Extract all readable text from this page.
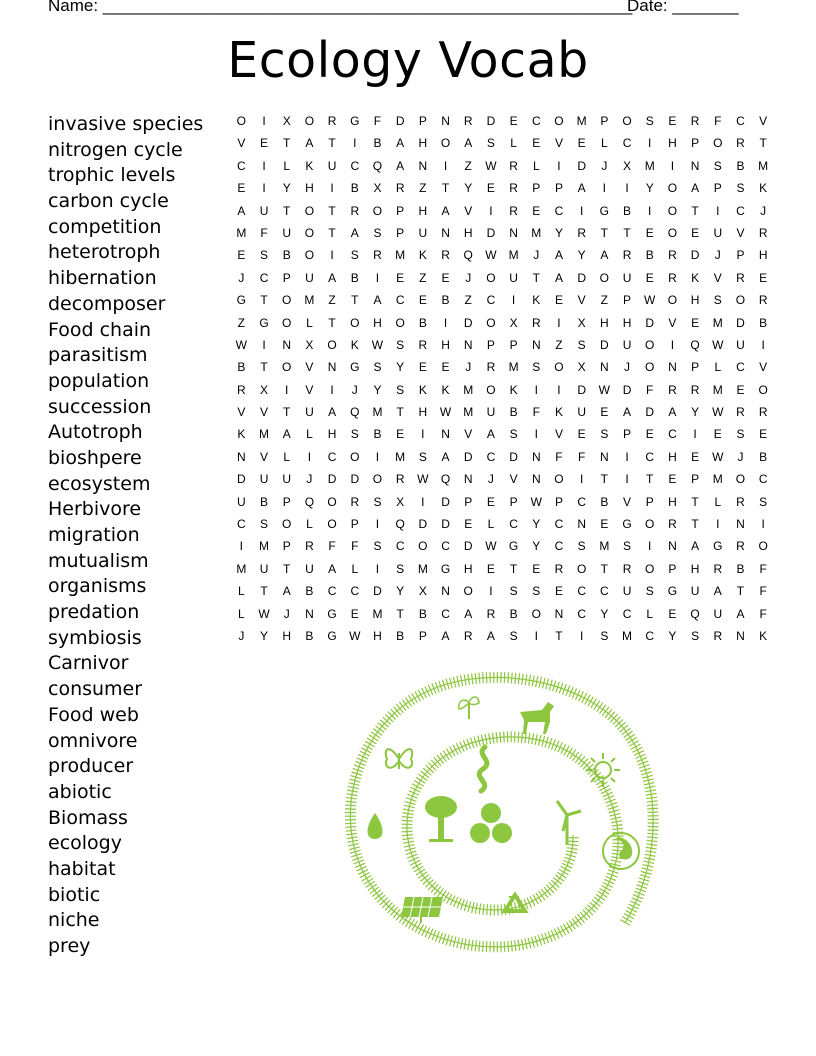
Name: ________________________________________________________
Date: _______
Ecology Vocab
invasive species
nitrogen cycle
trophic levels
carbon cycle
competition
heterotroph
hibernation
decomposer
Food chain
parasitism
population
succession
Autotroph
bioshpere
ecosystem
Herbivore
migration
mutualism
organisms
predation
symbiosis
Carnivor
consumer
Food web
omnivore
producer
abiotic
Biomass
ecology
habitat
biotic
niche
prey
O I X O R G F D P N R D E C O M P O S E R F C V
V E T A T I B A H O A S L E V E L C I H P O R T
C I L K U C Q A N I Z W R L I D J X M I N S B M
E I Y H I B X R Z T Y E R P P A I I Y O A P S K
A U T O T R O P H A V I R E C I G B I O T I C J
M F U O T A S P U N H D N M Y R T T E O E U V R
E S B O I S R M K R Q W M J A Y A R B R D J P H
J C P U A B I E Z E J O U T A D O U E R K V R E
G T O M Z T A C E B Z C I K E V Z P W O H S O R
Z G O L T O H O B I D O X R I X H H D V E M D B
W I N X O K W S R H N P P N Z S D U O I Q W U I
B T O V N G S Y E E J R M S O X N J O N P L C V
R X I V I J Y S K K M O K I I D W D F R R M E O
V V T U A Q M T H W M U B F K U E A D A Y W R R
K M A L H S B E I N V A S I V E S P E C I E S E
N V L I C O I M S A D C D N F F N I C H E W J B
D U U J D D O R W Q N J V N O I T I T E P M O C
U B P Q O R S X I D P E P W P C B V P H T L R S
C S O L O P I Q D D E L C Y C N E G O R T I N I
I M P R F F S C O C D W G Y C S M S I N A G R O
M U T U A L I S M G H E T E R O T R O P H R B F
L T A B C C D Y X N O I S S E C C U S G U A T F
L W J N G E M T B C A R B O N C Y C L E Q U A F
J Y H B G W H B P A R A S I T I S M C Y S R N K
